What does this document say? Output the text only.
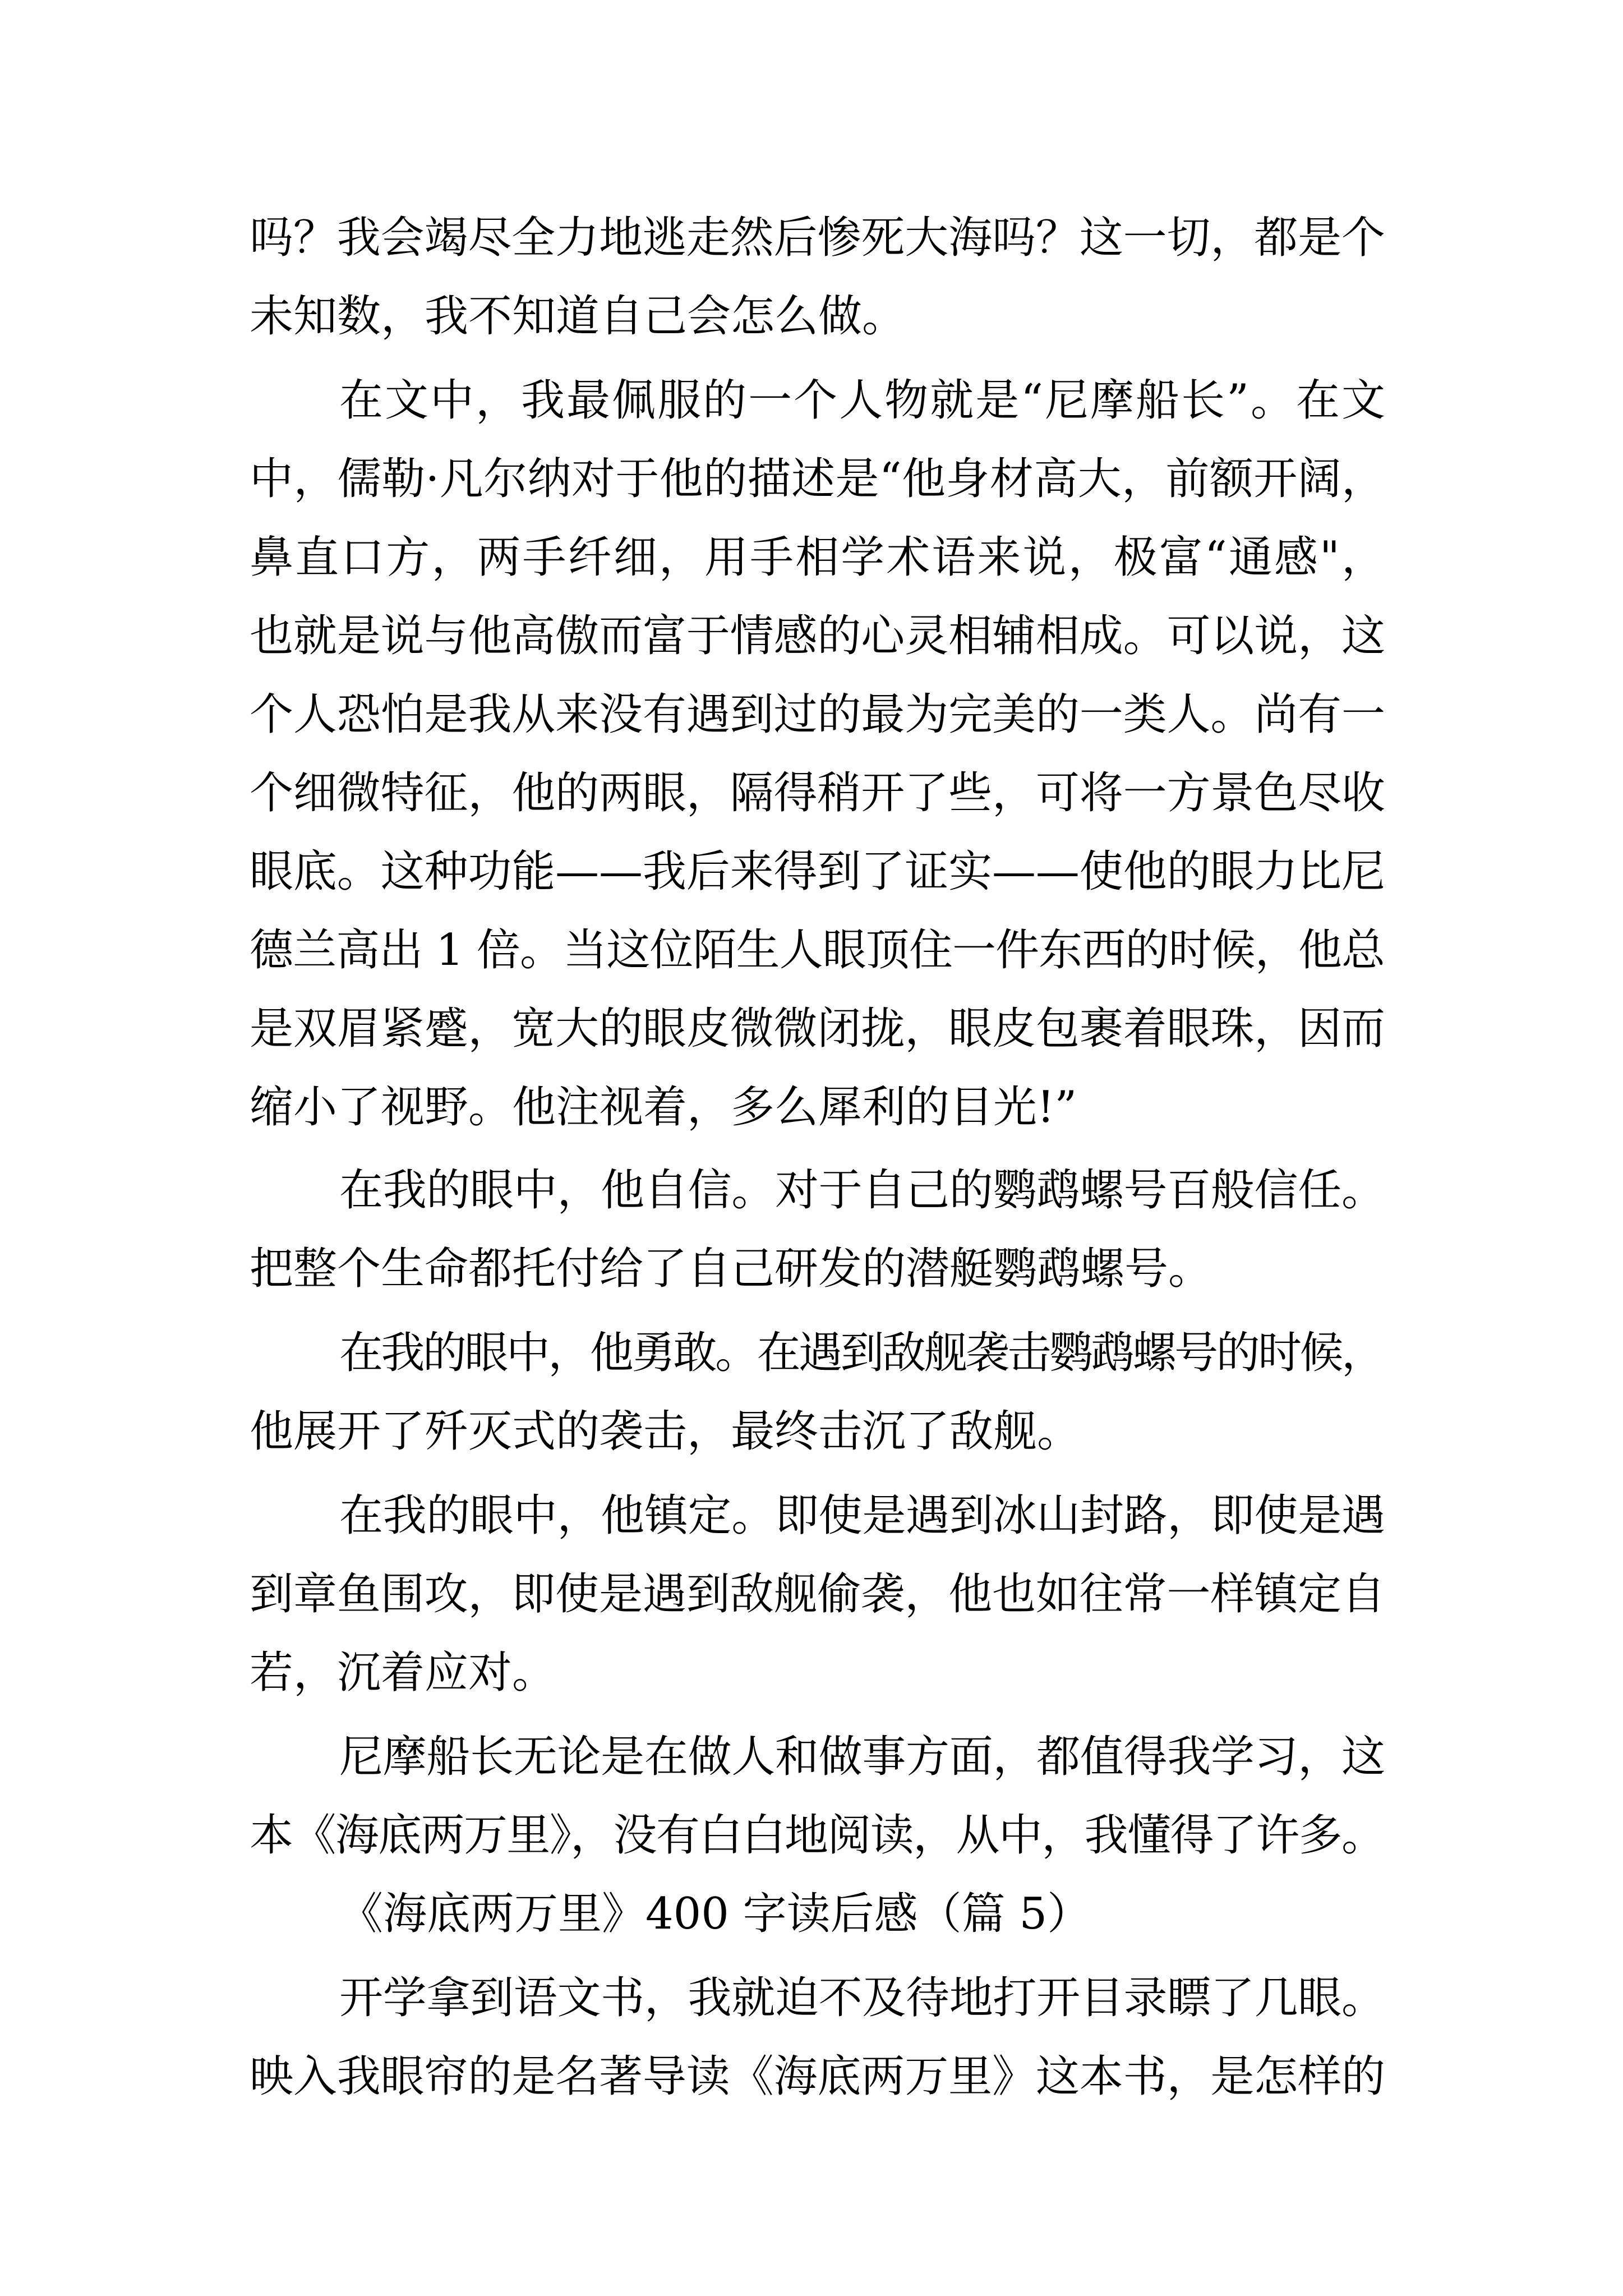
吗？我会竭尽全力地逃走然后惨死大海吗？这一切，都是个

未知数，我不知道自己会怎么做。

在文中，我最佩服的一个人物就是“尼摩船长”。在文

中，儒勒·凡尔纳对于他的描述是“他身材高大，前额开阔，

鼻直口方，两手纤细，用手相学术语来说，极富“通感"，

也就是说与他高傲而富于情感的心灵相辅相成。可以说，这

个人恐怕是我从来没有遇到过的最为完美的一类人。尚有一

个细微特征，他的两眼，隔得稍开了些，可将一方景色尽收

眼底。这种功能——我后来得到了证实——使他的眼力比尼

德兰高出 1 倍。当这位陌生人眼顶住一件东西的时候，他总

是双眉紧蹙，宽大的眼皮微微闭拢，眼皮包裹着眼珠，因而

缩小了视野。他注视着，多么犀利的目光!”

在我的眼中，他自信。对于自己的鹦鹉螺号百般信任。

把整个生命都托付给了自己研发的潜艇鹦鹉螺号。

在我的眼中，他勇敢。在遇到敌舰袭击鹦鹉螺号的时候，

他展开了歼灭式的袭击，最终击沉了敌舰。

在我的眼中，他镇定。即使是遇到冰山封路，即使是遇

到章鱼围攻，即使是遇到敌舰偷袭，他也如往常一样镇定自

若，沉着应对。

尼摩船长无论是在做人和做事方面，都值得我学习，这

本《海底两万里》，没有白白地阅读，从中，我懂得了许多。

《海底两万里》400 字读后感（篇 5）

开学拿到语文书，我就迫不及待地打开目录瞟了几眼。

映入我眼帘的是名著导读《海底两万里》这本书，是怎样的
